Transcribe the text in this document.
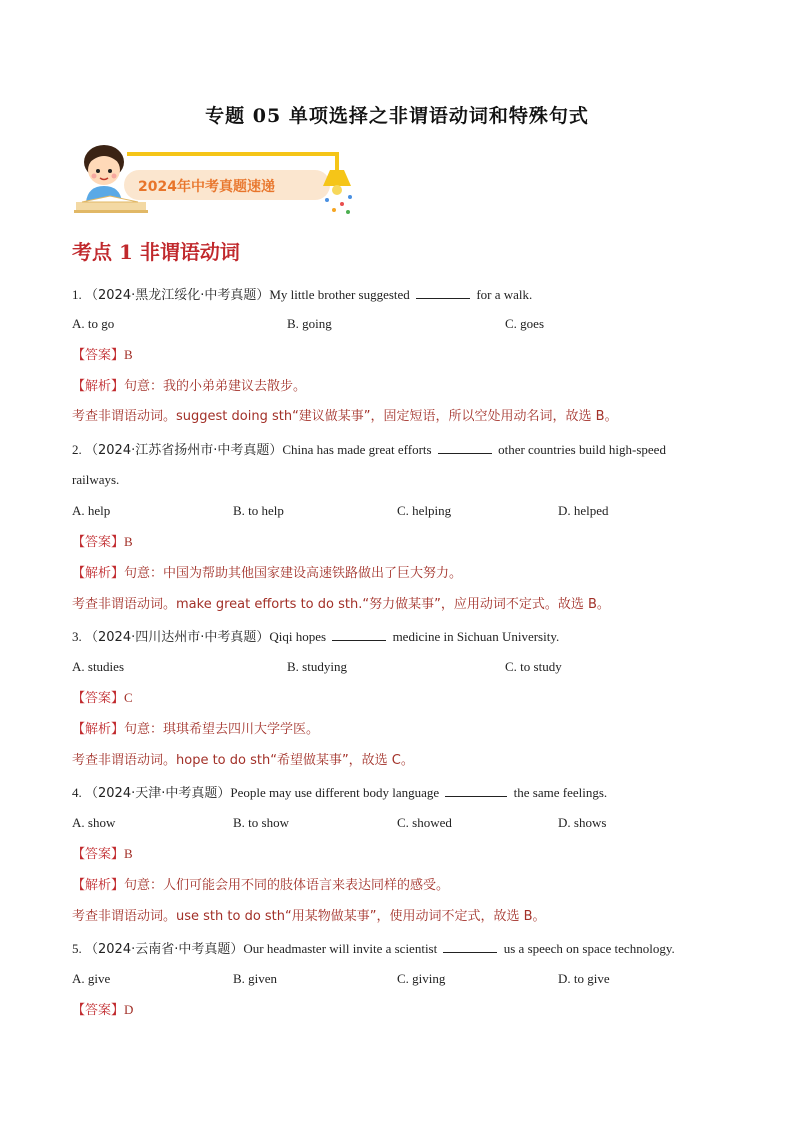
专题 05 单项选择之非谓语动词和特殊句式
2024年中考真题速递
考点 1 非谓语动词
1. （2024·黑龙江绥化·中考真题）My little brother suggested	for a walk.
A. to go	B. going	C. goes
【答案】B
【解析】句意：我的小弟弟建议去散步。
考查非谓语动词。suggest doing sth“建议做某事”，固定短语，所以空处用动名词，故选 B。
2. （2024·江苏省扬州市·中考真题）China has made great efforts	other countries build high-speed
railways.
A. help	B. to help	C. helping	D. helped
【答案】B
【解析】句意：中国为帮助其他国家建设高速铁路做出了巨大努力。
考查非谓语动词。make great efforts to do sth.“努力做某事”，应用动词不定式。故选 B。
3. （2024·四川达州市·中考真题）Qiqi hopes	medicine in Sichuan University.
A. studies	B. studying	C. to study
【答案】C
【解析】句意：琪琪希望去四川大学学医。
考查非谓语动词。hope to do sth“希望做某事”，故选 C。
4. （2024·天津·中考真题）People may use different body language	the same feelings.
A. show	B. to show	C. showed	D. shows
【答案】B
【解析】句意：人们可能会用不同的肢体语言来表达同样的感受。
考查非谓语动词。use sth to do sth“用某物做某事”，使用动词不定式，故选 B。
5. （2024·云南省·中考真题）Our headmaster will invite a scientist	us a speech on space technology.
A. give	B. given	C. giving	D. to give
【答案】D
